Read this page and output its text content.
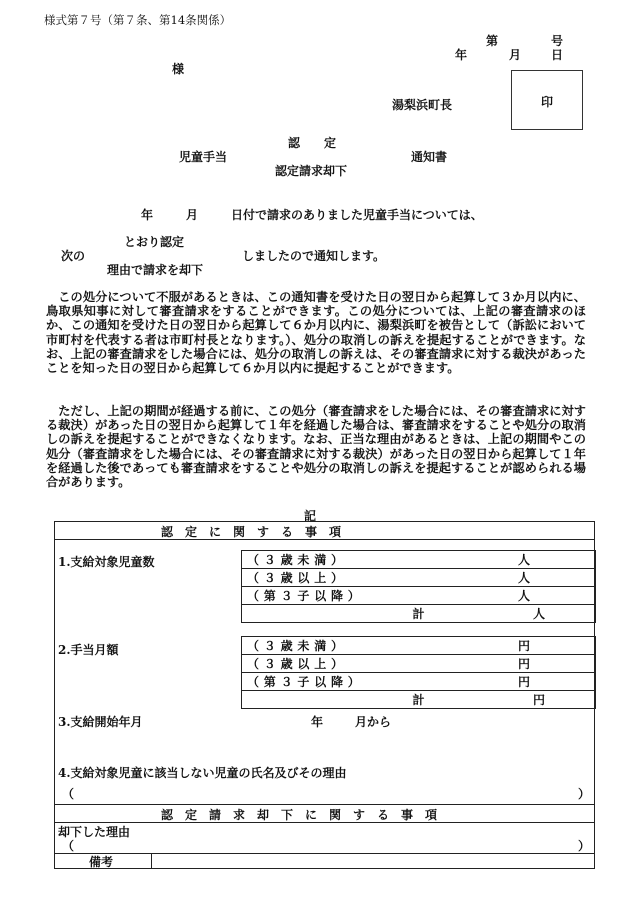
様式第７号（第７条、第14条関係）
第	号
年	月 日
様
湯梨浜町長	印
認　　定
児童手当	通知書
認定請求却下
年	月	日付で請求のありました児童手当については、
とおり認定
次の	しましたので通知します。
理由で請求を却下
　この処分について不服があるときは、この通知書を受けた日の翌日から起算して３か月以内に、鳥取県知事に対して審査請求をすることができます。この処分については、上記の審査請求のほか、この通知を受けた日の翌日から起算して６か月以内に、湯梨浜町を被告として（訴訟において市町村を代表する者は市町村長となります。）、処分の取消しの訴えを提起することができます。なお、上記の審査請求をした場合には、処分の取消しの訴えは、その審査請求に対する裁決があったことを知った日の翌日から起算して６か月以内に提起することができます。
　ただし、上記の期間が経過する前に、この処分（審査請求をした場合には、その審査請求に対する裁決）があった日の翌日から起算して１年を経過した場合は、審査請求をすることや処分の取消しの訴えを提起することができなくなります。なお、正当な理由があるときは、上記の期間やこの処分（審査請求をした場合には、その審査請求に対する裁決）があった日の翌日から起算して１年を経過した後であっても審査請求をすることや処分の取消しの訴えを提起することが認められる場合があります。
記
認　定　に　関　す　る　事　項
1.支給対象児童数	（３歳未満）	人

（３歳以上）	人

（第３子以降）	人

計	人
2.手当月額	（３歳未満）	円

（３歳以上）	円

（第３子以降）	円

計	円
3.支給開始年月	年	月から
4.支給対象児童に該当しない児童の氏名及びその理由
（	）
認　定　請　求　却　下　に　関　す　る　事　項
却下した理由
（	）
備考
